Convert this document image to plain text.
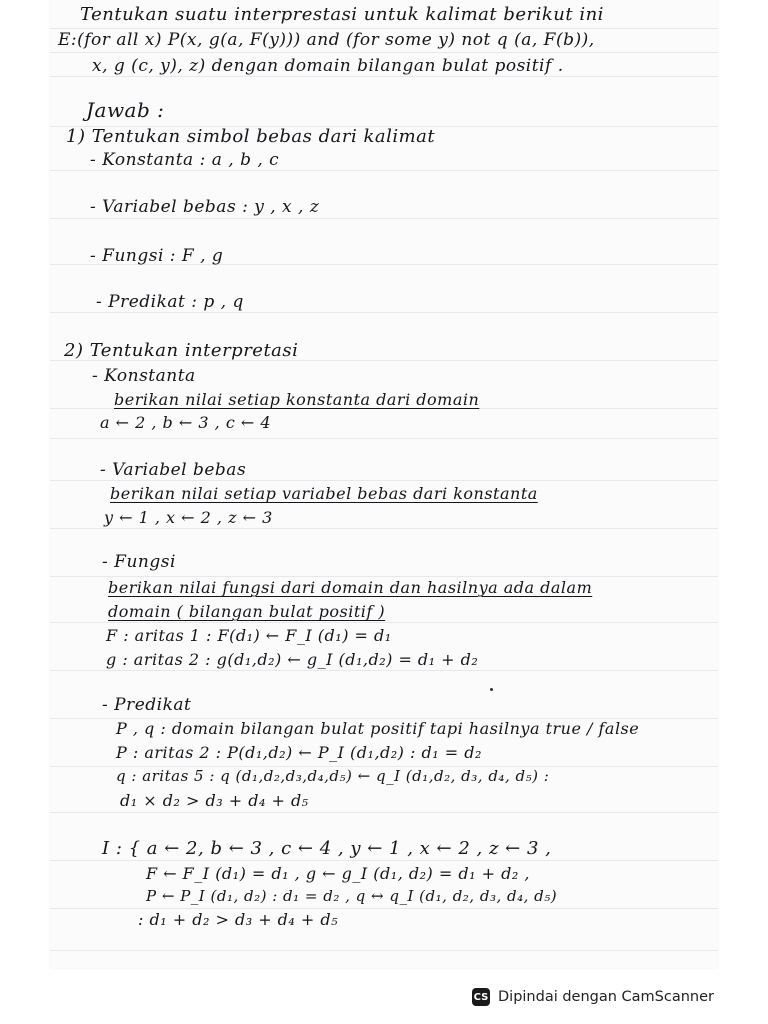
Tentukan suatu interprestasi untuk kalimat berikut ini
E:(for all x) P(x, g(a, F(y))) and (for some y) not q (a, F(b)),
x, g (c, y), z) dengan domain bilangan bulat positif .
Jawab :
1) Tentukan simbol bebas dari kalimat
- Konstanta : a , b , c
- Variabel bebas : y , x , z
- Fungsi : F , g
- Predikat : p , q
2) Tentukan interpretasi
- Konstanta
berikan nilai setiap konstanta dari domain
a ← 2 , b ← 3 , c ← 4
- Variabel bebas
berikan nilai setiap variabel bebas dari konstanta
y ← 1 , x ← 2 , z ← 3
- Fungsi
berikan nilai fungsi dari domain dan hasilnya ada dalam
domain ( bilangan bulat positif )
F : aritas 1 : F(d₁) ← F_I (d₁) = d₁
g : aritas 2 : g(d₁,d₂) ← g_I (d₁,d₂) = d₁ + d₂
- Predikat
P , q : domain bilangan bulat positif tapi hasilnya true / false
P : aritas 2 : P(d₁,d₂) ← P_I (d₁,d₂) : d₁ = d₂
q : aritas 5 : q (d₁,d₂,d₃,d₄,d₅) ← q_I (d₁,d₂, d₃, d₄, d₅) :
d₁ × d₂ > d₃ + d₄ + d₅
I : { a ← 2, b ← 3 , c ← 4 , y ← 1 , x ← 2 , z ← 3 ,
F ← F_I (d₁) = d₁ , g ← g_I (d₁, d₂) = d₁ + d₂ ,
P ← P_I (d₁, d₂) : d₁ = d₂ , q ↔ q_I (d₁, d₂, d₃, d₄, d₅)
: d₁ + d₂ > d₃ + d₄ + d₅
CS Dipindai dengan CamScanner
